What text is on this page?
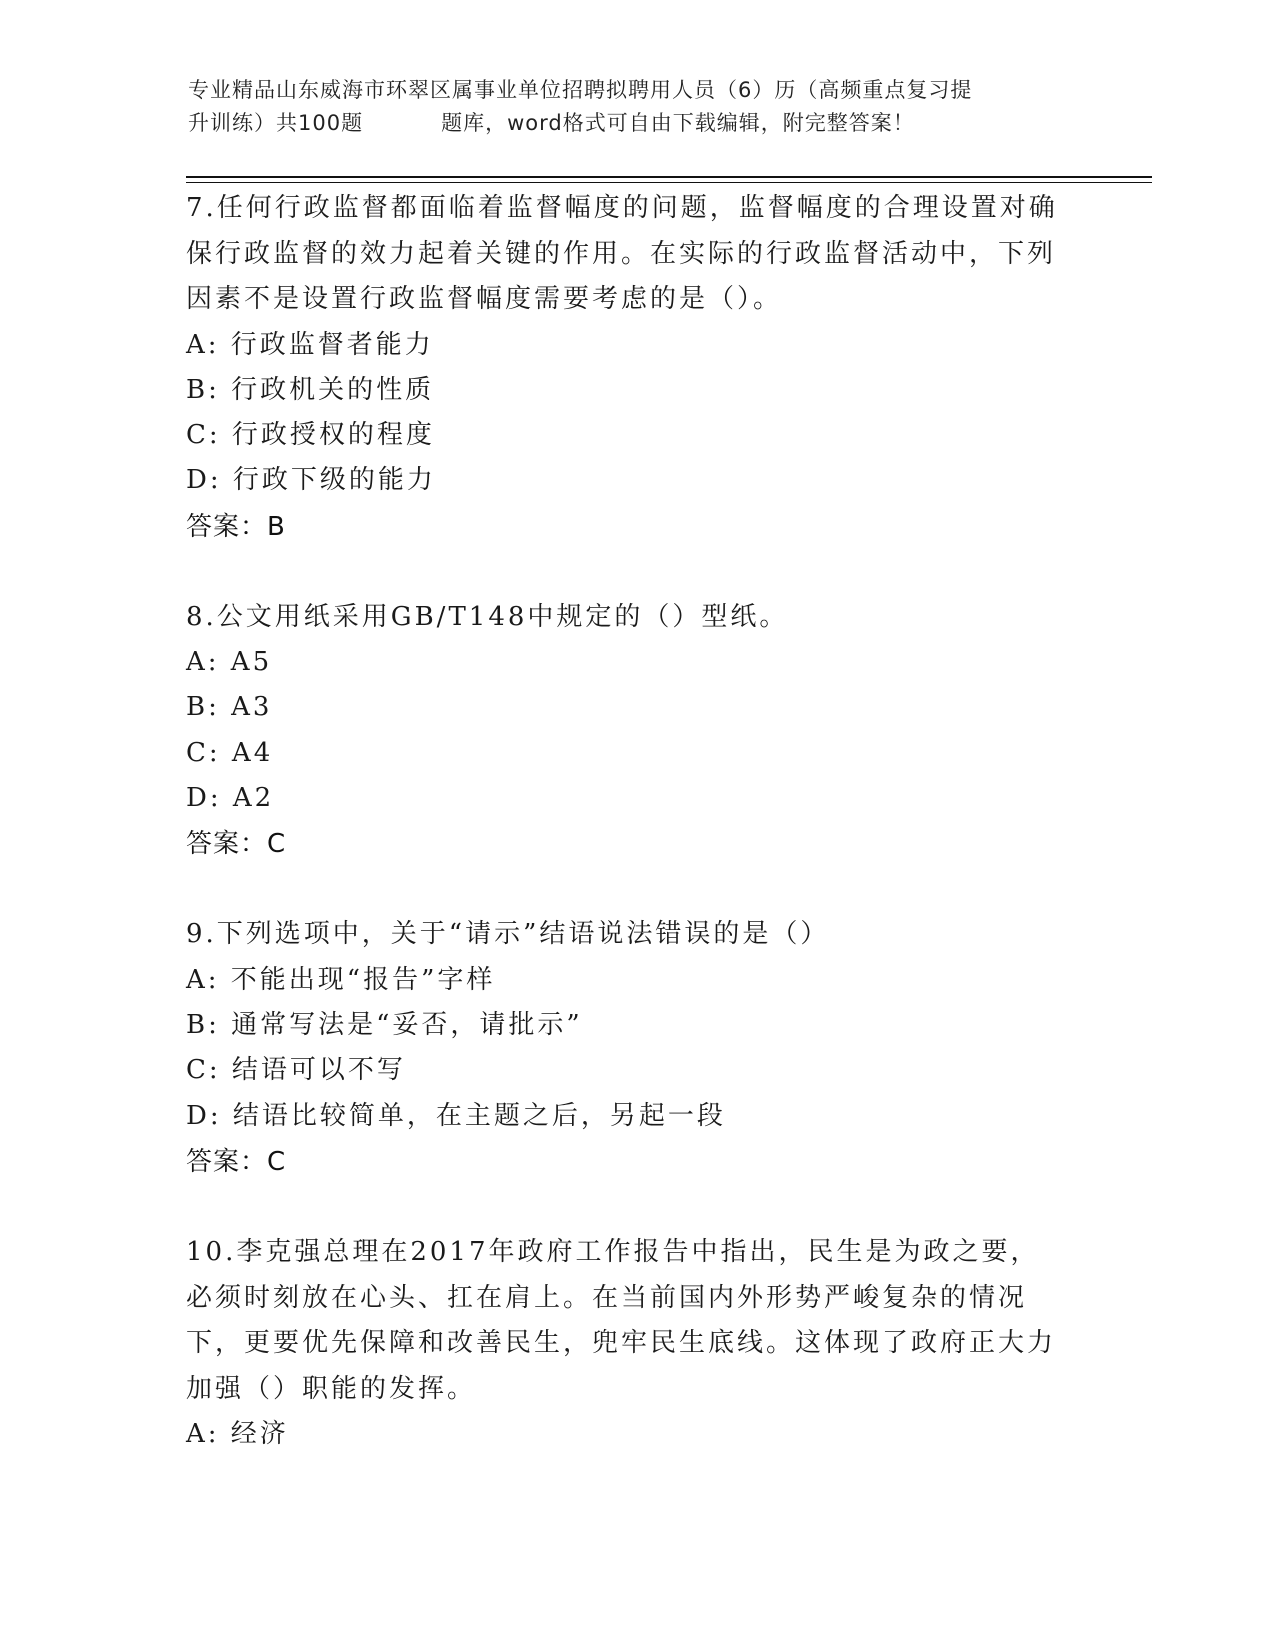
专业精品山东威海市环翠区属事业单位招聘拟聘用人员（6）历（高频重点复习提
升训练）共100题	题库，word格式可自由下载编辑，附完整答案！

7.任何行政监督都面临着监督幅度的问题，监督幅度的合理设置对确保行政监督的效力起着关键的作用。在实际的行政监督活动中，下列因素不是设置行政监督幅度需要考虑的是（）。

A: 行政监督者能力

B: 行政机关的性质

C: 行政授权的程度

D: 行政下级的能力

答案：B

8.公文用纸采用GB/T148中规定的（）型纸。

A: A5

B: A3

C: A4

D: A2

答案：C

9.下列选项中，关于“请示”结语说法错误的是（）

A: 不能出现“报告”字样

B: 通常写法是“妥否，请批示”

C: 结语可以不写

D: 结语比较简单，在主题之后，另起一段

答案：C

10.李克强总理在2017年政府工作报告中指出，民生是为政之要，必须时刻放在心头、扛在肩上。在当前国内外形势严峻复杂的情况下，更要优先保障和改善民生，兜牢民生底线。这体现了政府正大力加强（）职能的发挥。

A: 经济
